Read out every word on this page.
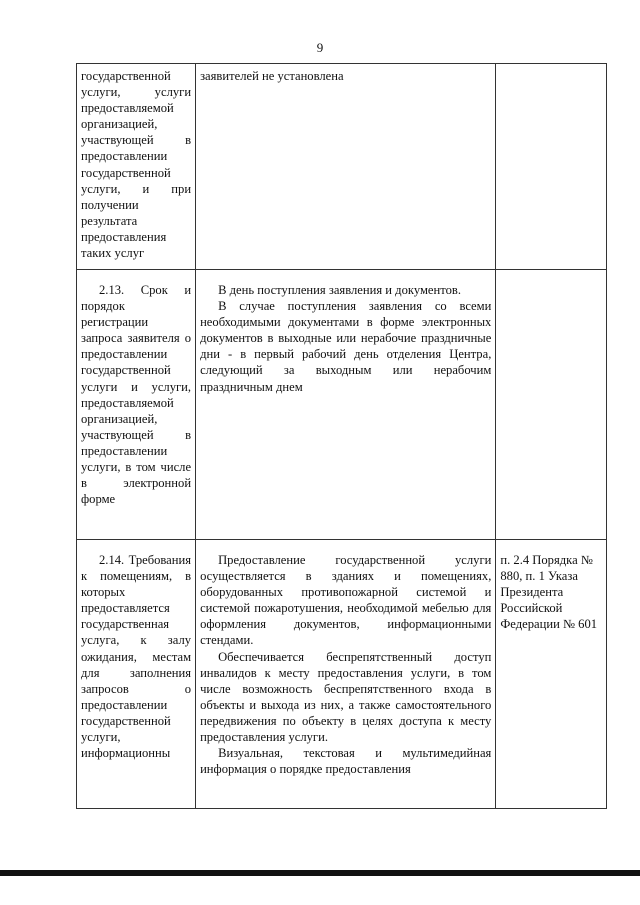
9

государственной услуги, услуги предоставляемой организацией, участвующей в предоставлении государственной услуги, и при получении результата предоставления таких услуг	заявителей не установлена	

2.13. Срок и порядок регистрации запроса заявителя о предоставлении государственной услуги и услуги, предоставляемой организацией, участвующей в предоставлении услуги, в том числе в электронной форме	В день поступления заявления и документов.

В случае поступления заявления со всеми необходимыми документами в форме электронных документов в выходные или нерабочие праздничные дни - в первый рабочий день отделения Центра, следующий за выходным или нерабочим праздничным днем	

2.14. Требования к помещениям, в которых предоставляется государственная услуга, к залу ожидания, местам для заполнения запросов о предоставлении государственной услуги, информационны	Предоставление государственной услуги осуществляется в зданиях и помещениях, оборудованных противопожарной системой и системой пожаротушения, необходимой мебелью для оформления документов, информационными стендами.

Обеспечивается беспрепятственный доступ инвалидов к месту предоставления услуги, в том числе возможность беспрепятственного входа в объекты и выхода из них, а также самостоятельного передвижения по объекту в целях доступа к месту предоставления услуги.

Визуальная, текстовая и мультимедийная информация о порядке предоставления	п. 2.4 Порядка № 880, п. 1 Указа Президента Российской Федерации № 601
